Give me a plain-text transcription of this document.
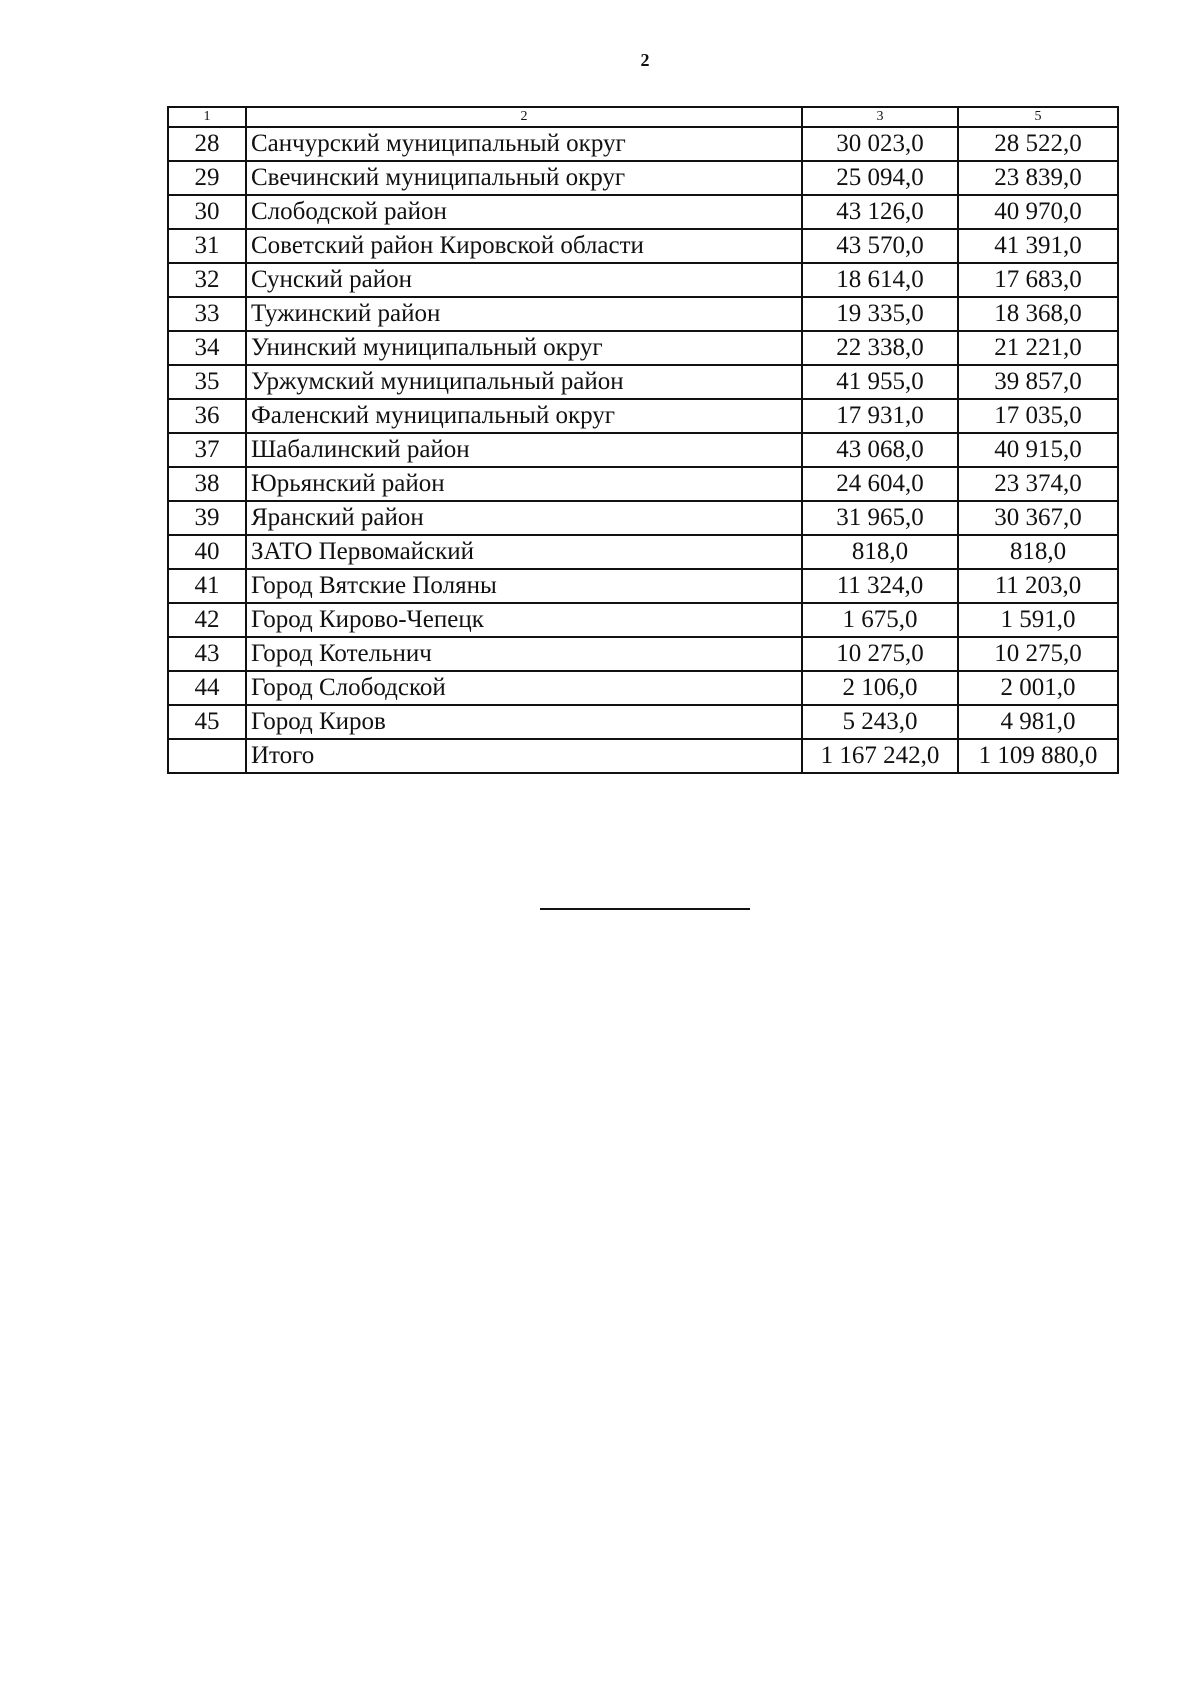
2
1	2	3	5
28	Санчурский муниципальный округ	30 023,0	28 522,0
29	Свечинский муниципальный округ	25 094,0	23 839,0
30	Слободской район	43 126,0	40 970,0
31	Советский район Кировской области	43 570,0	41 391,0
32	Сунский район	18 614,0	17 683,0
33	Тужинский район	19 335,0	18 368,0
34	Унинский муниципальный округ	22 338,0	21 221,0
35	Уржумский муниципальный район	41 955,0	39 857,0
36	Фаленский муниципальный округ	17 931,0	17 035,0
37	Шабалинский район	43 068,0	40 915,0
38	Юрьянский район	24 604,0	23 374,0
39	Яранский район	31 965,0	30 367,0
40	ЗАТО Первомайский	818,0	818,0
41	Город Вятские Поляны	11 324,0	11 203,0
42	Город Кирово-Чепецк	1 675,0	1 591,0
43	Город Котельнич	10 275,0	10 275,0
44	Город Слободской	2 106,0	2 001,0
45	Город Киров	5 243,0	4 981,0
	Итого	1 167 242,0	1 109 880,0
